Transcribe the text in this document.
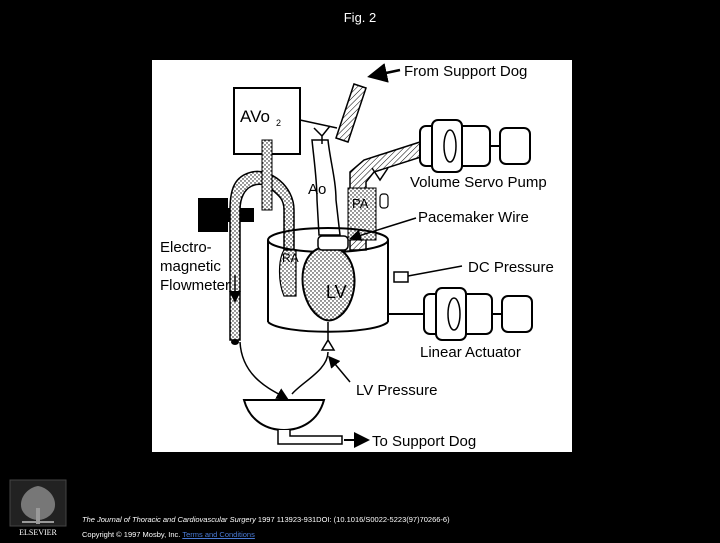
Fig. 2
AVo 2
From Support Dog
Ao
PA
Volume Servo Pump
Pacemaker Wire
Electro-
magnetic
Flowmeter
RA
LV
DC Pressure
Linear Actuator
LV Pressure
To Support Dog
ELSEVIER
The Journal of Thoracic and Cardiovascular Surgery 1997 113923-931DOI: (10.1016/S0022-5223(97)70266-6)
Copyright © 1997 Mosby, Inc. Terms and Conditions
